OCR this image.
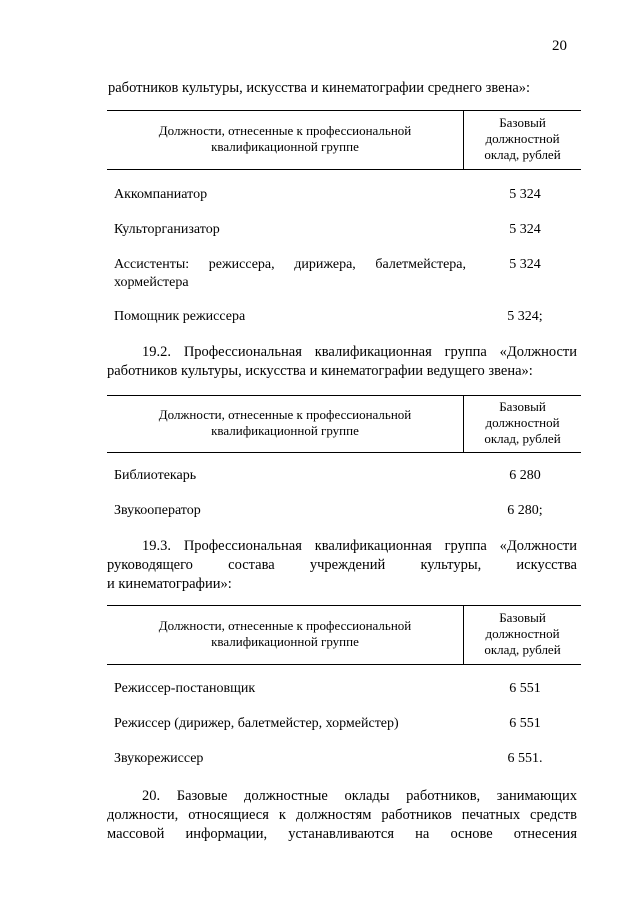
20
работников культуры, искусства и кинематографии среднего звена»:
Должности, отнесенные к профессиональной
квалификационной группе
Базовый
должностной
оклад, рублей
Аккомпаниатор	5 324
Культорганизатор	5 324
Ассистенты: режиссера, дирижера, балетмейстера,
хормейстера
5 324
Помощник режиссера	5 324;
19.2. Профессиональная квалификационная группа «Должности
работников культуры, искусства и кинематографии ведущего звена»:
Должности, отнесенные к профессиональной
квалификационной группе
Базовый
должностной
оклад, рублей
Библиотекарь	6 280
Звукооператор	6 280;
19.3. Профессиональная квалификационная группа «Должности
руководящего состава учреждений культуры, искусства
и кинематографии»:
Должности, отнесенные к профессиональной
квалификационной группе
Базовый
должностной
оклад, рублей
Режиссер-постановщик	6 551
Режиссер (дирижер, балетмейстер, хормейстер)	6 551
Звукорежиссер	6 551.
20. Базовые должностные оклады работников, занимающих
должности, относящиеся к должностям работников печатных средств
массовой информации, устанавливаются на основе отнесения
